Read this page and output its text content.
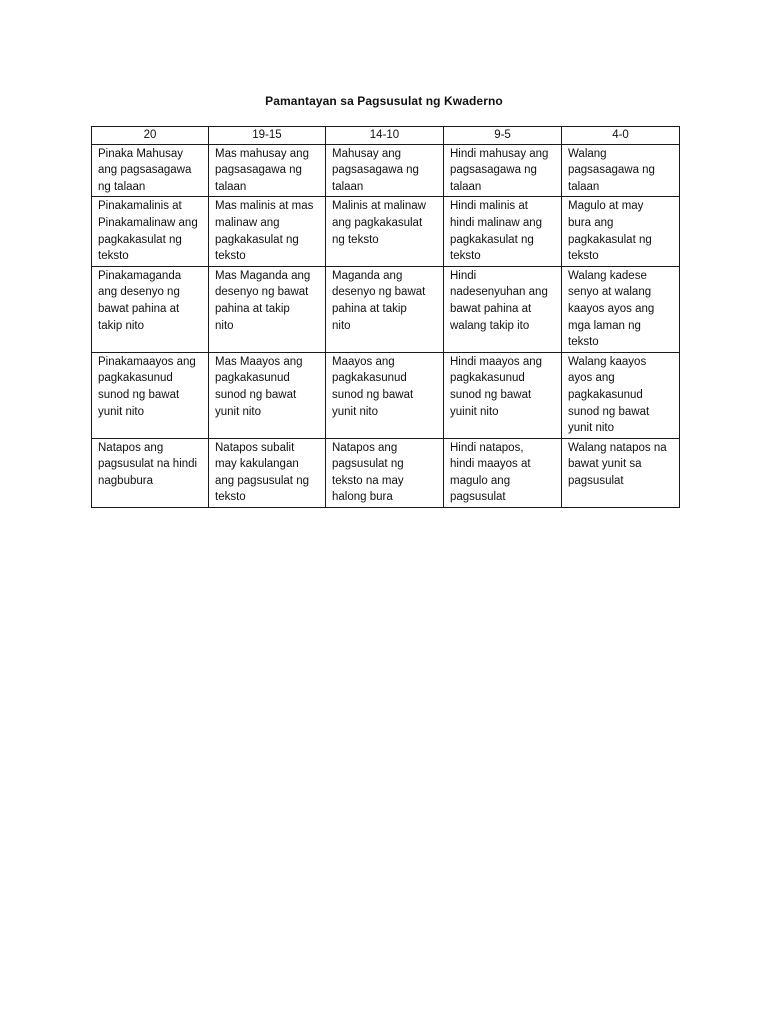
Pamantayan sa Pagsusulat ng Kwaderno
20	19-15	14-10	9-5	4-0

Pinaka Mahusay
ang pagsasagawa
ng talaan	Mas mahusay ang
pagsasagawa ng
talaan	Mahusay ang
pagsasagawa ng
talaan	Hindi mahusay ang
pagsasagawa ng
talaan	Walang
pagsasagawa ng
talaan

Pinakamalinis at
Pinakamalinaw ang
pagkakasulat ng
teksto	Mas malinis at mas
malinaw ang
pagkakasulat ng
teksto	Malinis at malinaw
ang pagkakasulat
ng teksto	Hindi malinis at
hindi malinaw ang
pagkakasulat ng
teksto	Magulo at may
bura ang
pagkakasulat ng
teksto

Pinakamaganda
ang desenyo ng
bawat pahina at
takip nito	Mas Maganda ang
desenyo ng bawat
pahina at takip
nito	Maganda ang
desenyo ng bawat
pahina at takip
nito	Hindi
nadesenyuhan ang
bawat pahina at
walang takip ito	Walang kadese
senyo at walang
kaayos ayos ang
mga laman ng
teksto

Pinakamaayos ang
pagkakasunud
sunod ng bawat
yunit nito	Mas Maayos ang
pagkakasunud
sunod ng bawat
yunit nito	Maayos ang
pagkakasunud
sunod ng bawat
yunit nito	Hindi maayos ang
pagkakasunud
sunod ng bawat
yuinit nito	Walang kaayos
ayos ang
pagkakasunud
sunod ng bawat
yunit nito

Natapos ang
pagsusulat na hindi
nagbubura	Natapos subalit
may kakulangan
ang pagsusulat ng
teksto	Natapos ang
pagsusulat ng
teksto na may
halong bura	Hindi natapos,
hindi maayos at
magulo ang
pagsusulat	Walang natapos na
bawat yunit sa
pagsusulat
